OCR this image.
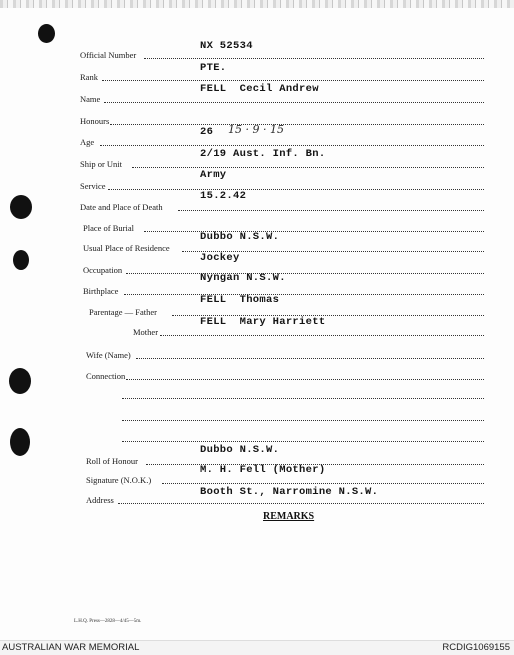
Official Number
NX 52534
Rank
PTE.
Name
FELL  Cecil Andrew
Honours
Age
26 15 · 9 · 15
Ship or Unit
2/19 Aust. Inf. Bn.
Service
Army
Date and Place of Death
15.2.42
Place of Burial
Usual Place of Residence
Dubbo N.S.W.
Occupation
Jockey
Birthplace
Nyngan N.S.W.
Parentage — Father
FELL  Thomas
Mother
FELL  Mary Harriett
Wife (Name)
Connection
Roll of Honour
Dubbo N.S.W.
Signature (N.O.K.)
M. H. Fell (Mother)
Address
Booth St., Narromine N.S.W.
REMARKS
L.H.Q. Press—2828—4/45—5m.
AUSTRALIAN WAR MEMORIAL	RCDIG1069155
